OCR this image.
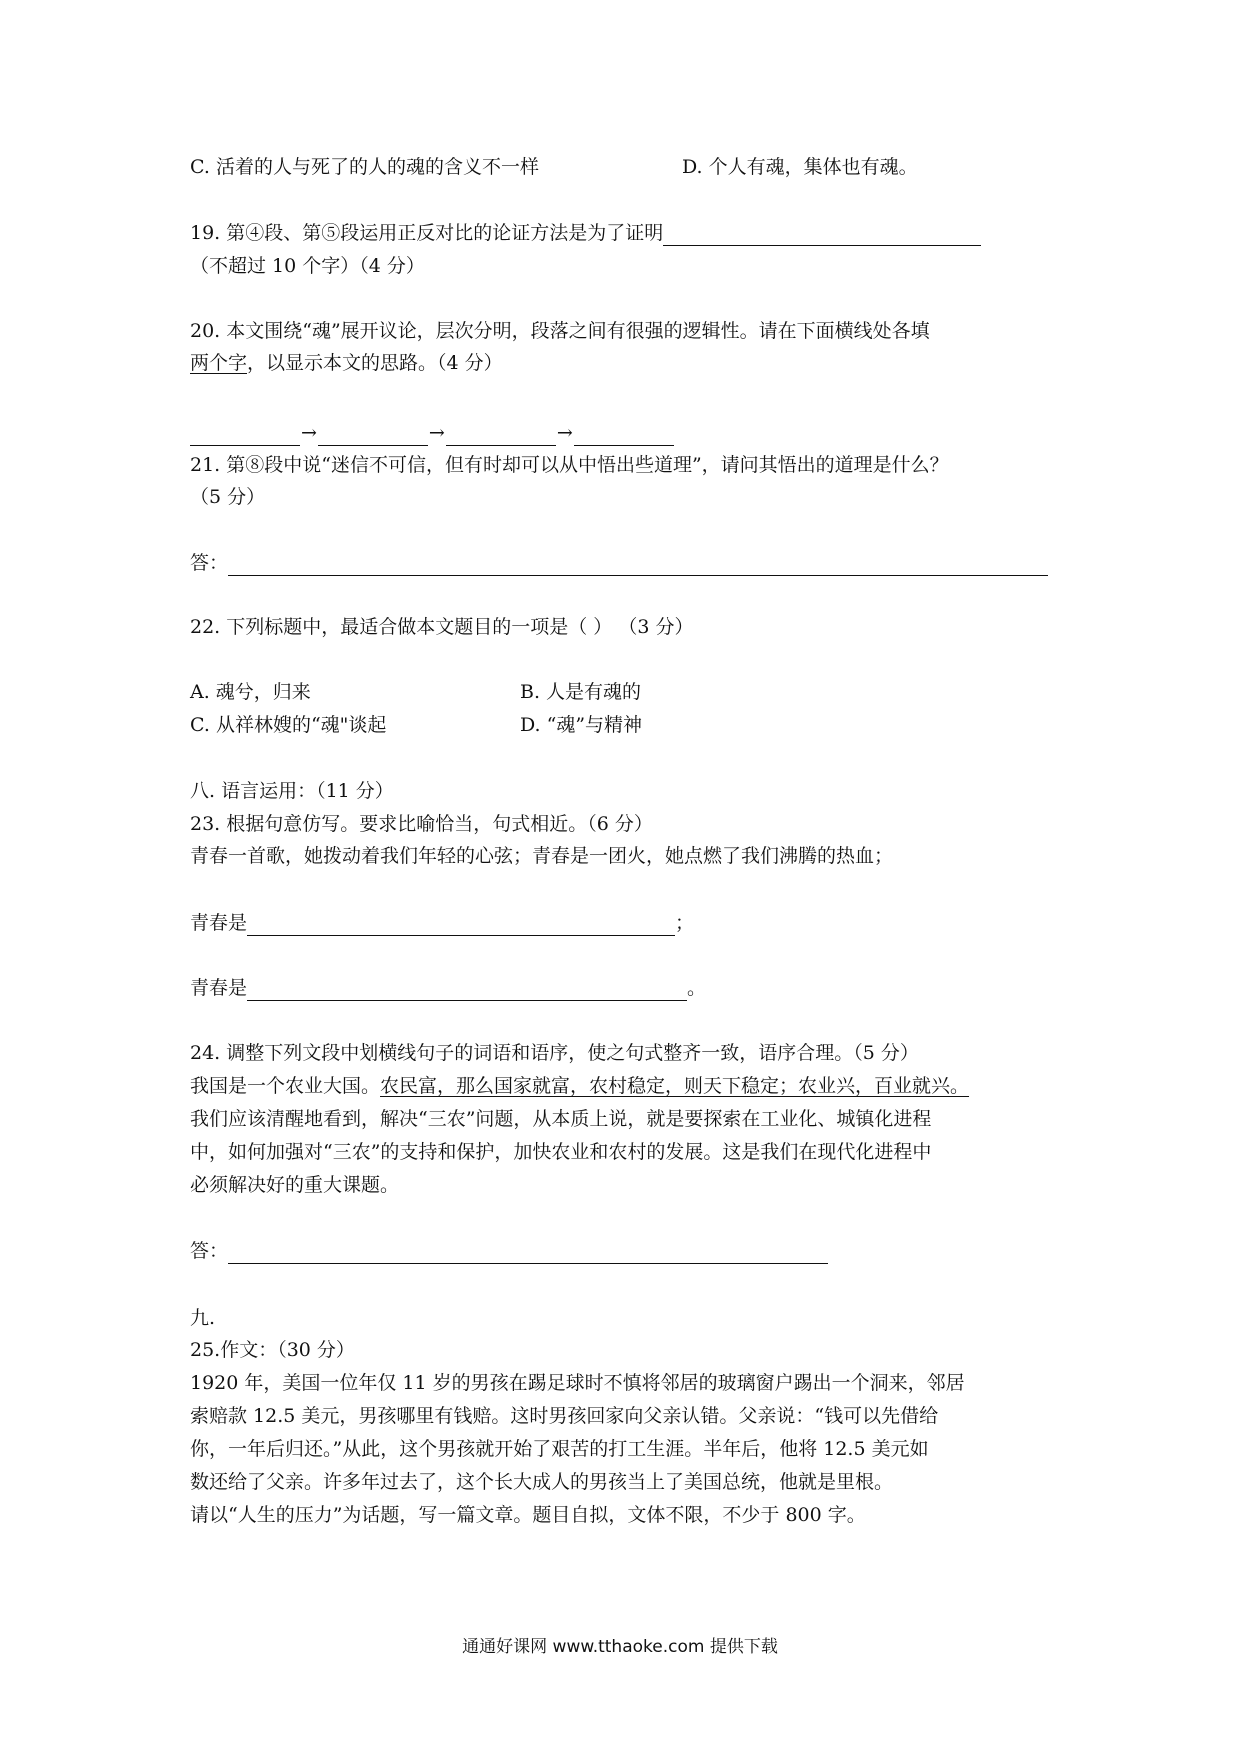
C. 活着的人与死了的人的魂的含义不一样	D. 个人有魂，集体也有魂。
19. 第④段、第⑤段运用正反对比的论证方法是为了证明
（不超过 10 个字）（4 分）
20. 本文围绕“魂”展开议论，层次分明，段落之间有很强的逻辑性。请在下面横线处各填
两个字，以显示本文的思路。（4 分）
→	→	→
21. 第⑧段中说“迷信不可信，但有时却可以从中悟出些道理”，请问其悟出的道理是什么？
（5 分）
答：
22. 下列标题中，最适合做本文题目的一项是（ ） （3 分）
A. 魂兮，归来	B. 人是有魂的
C. 从祥林嫂的“魂"谈起	D. “魂”与精神
八. 语言运用：（11 分）
23. 根据句意仿写。要求比喻恰当，句式相近。（6 分）
青春一首歌，她拨动着我们年轻的心弦；青春是一团火，她点燃了我们沸腾的热血；
青春是	；
青春是	。
24. 调整下列文段中划横线句子的词语和语序，使之句式整齐一致，语序合理。（5 分）
我国是一个农业大国。农民富，那么国家就富，农村稳定，则天下稳定；农业兴，百业就兴。
我们应该清醒地看到，解决“三农”问题，从本质上说，就是要探索在工业化、城镇化进程
中，如何加强对“三农”的支持和保护，加快农业和农村的发展。这是我们在现代化进程中
必须解决好的重大课题。
答：
九.
25.作文：（30 分）
1920 年，美国一位年仅 11 岁的男孩在踢足球时不慎将邻居的玻璃窗户踢出一个洞来，邻居
索赔款 12.5 美元，男孩哪里有钱赔。这时男孩回家向父亲认错。父亲说：“钱可以先借给
你，一年后归还。”从此，这个男孩就开始了艰苦的打工生涯。半年后，他将 12.5 美元如
数还给了父亲。许多年过去了，这个长大成人的男孩当上了美国总统，他就是里根。
请以“人生的压力”为话题，写一篇文章。题目自拟，文体不限，不少于 800 字。
通通好课网 www.tthaoke.com 提供下载
